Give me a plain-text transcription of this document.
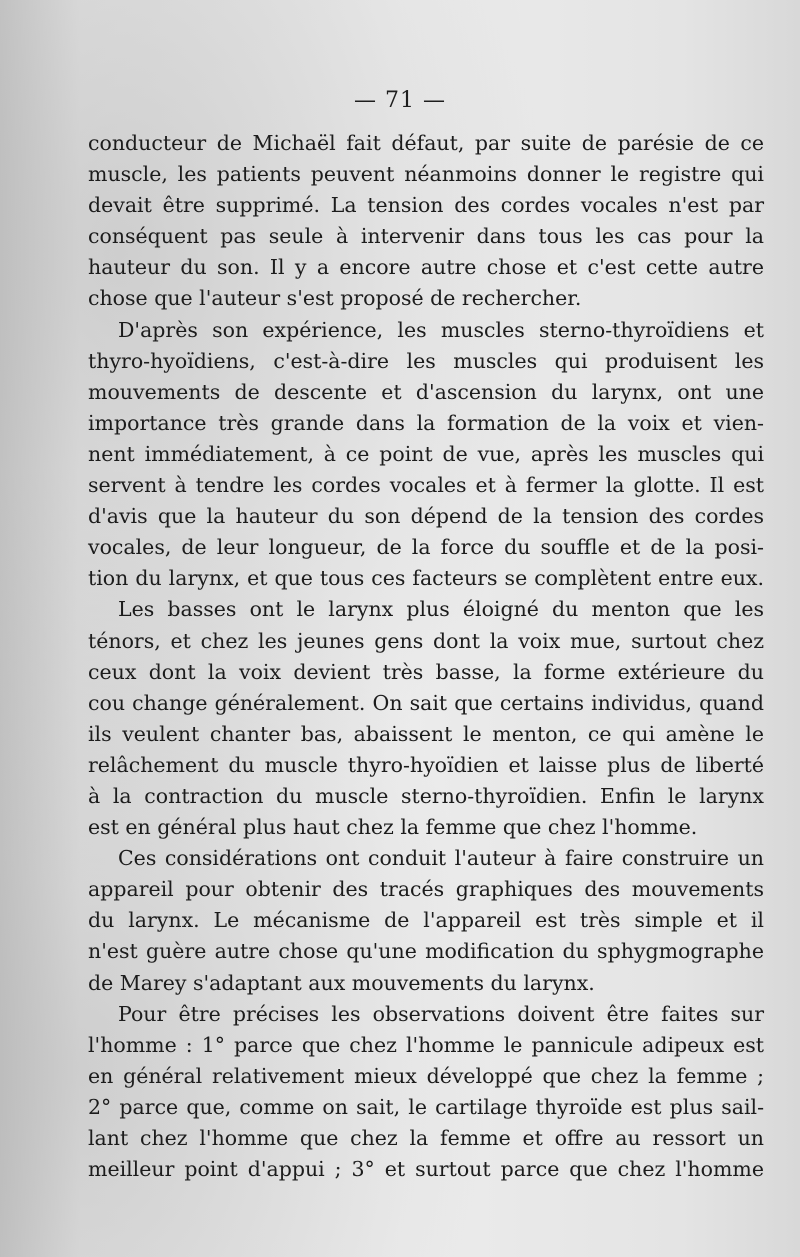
— 71 —
conducteur de Michaël fait défaut, par suite de parésie de ce
muscle, les patients peuvent néanmoins donner le registre qui
devait être supprimé. La tension des cordes vocales n'est par
conséquent pas seule à intervenir dans tous les cas pour la
hauteur du son. Il y a encore autre chose et c'est cette autre
chose que l'auteur s'est proposé de rechercher.
D'après son expérience, les muscles sterno-thyroïdiens et
thyro-hyoïdiens, c'est-à-dire les muscles qui produisent les
mouvements de descente et d'ascension du larynx, ont une
importance très grande dans la formation de la voix et vien-
nent immédiatement, à ce point de vue, après les muscles qui
servent à tendre les cordes vocales et à fermer la glotte. Il est
d'avis que la hauteur du son dépend de la tension des cordes
vocales, de leur longueur, de la force du souffle et de la posi-
tion du larynx, et que tous ces facteurs se complètent entre eux.
Les basses ont le larynx plus éloigné du menton que les
ténors, et chez les jeunes gens dont la voix mue, surtout chez
ceux dont la voix devient très basse, la forme extérieure du
cou change généralement. On sait que certains individus, quand
ils veulent chanter bas, abaissent le menton, ce qui amène le
relâchement du muscle thyro-hyoïdien et laisse plus de liberté
à la contraction du muscle sterno-thyroïdien. Enfin le larynx
est en général plus haut chez la femme que chez l'homme.
Ces considérations ont conduit l'auteur à faire construire un
appareil pour obtenir des tracés graphiques des mouvements
du larynx. Le mécanisme de l'appareil est très simple et il
n'est guère autre chose qu'une modification du sphygmographe
de Marey s'adaptant aux mouvements du larynx.
Pour être précises les observations doivent être faites sur
l'homme : 1° parce que chez l'homme le pannicule adipeux est
en général relativement mieux développé que chez la femme ;
2° parce que, comme on sait, le cartilage thyroïde est plus sail-
lant chez l'homme que chez la femme et offre au ressort un
meilleur point d'appui ; 3° et surtout parce que chez l'homme
